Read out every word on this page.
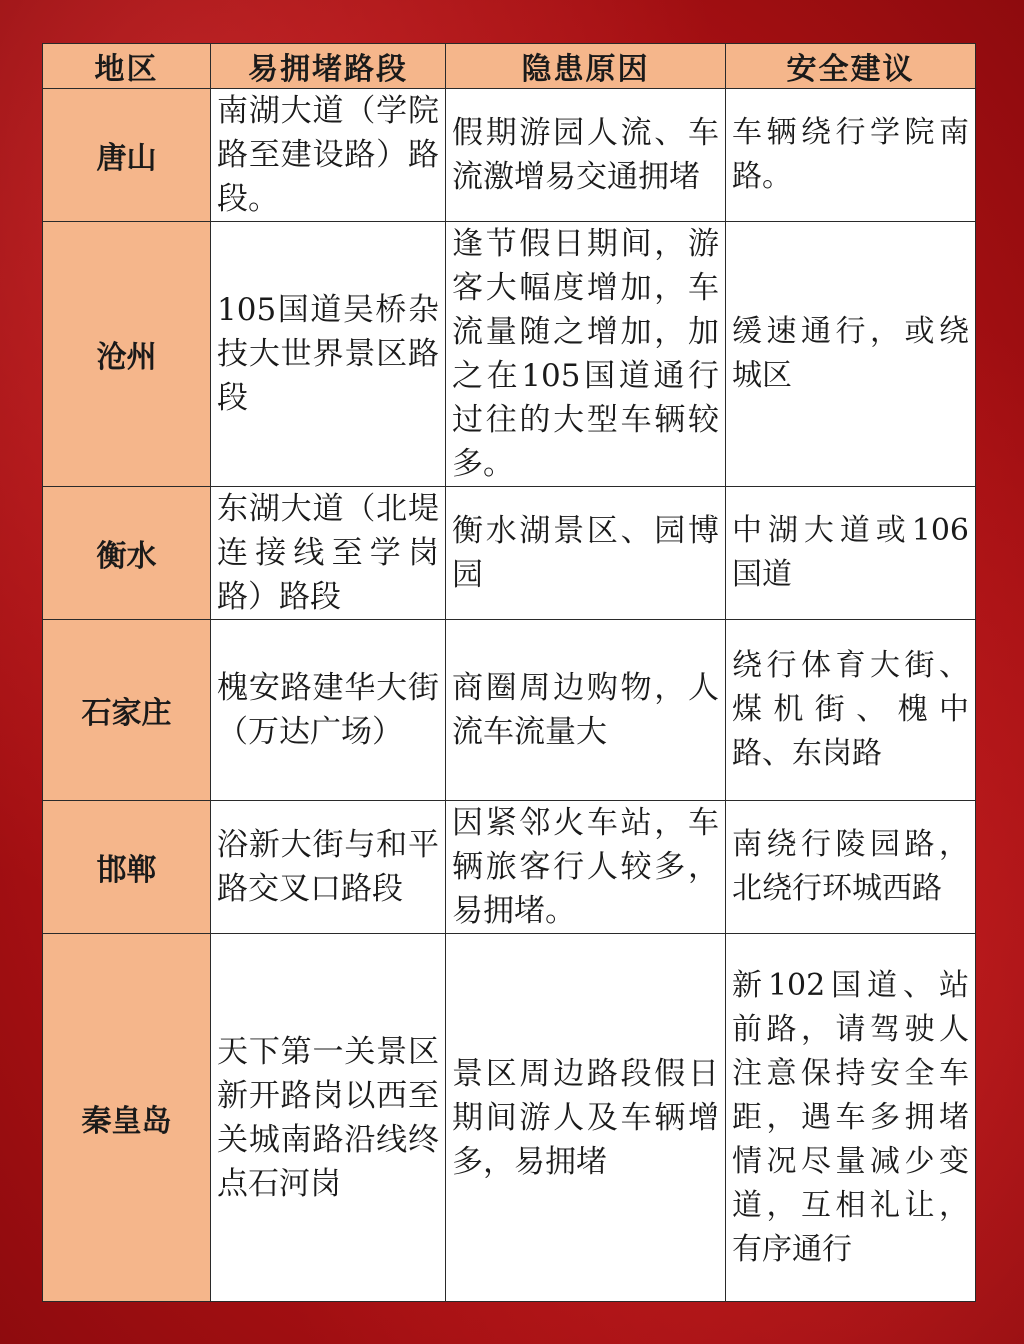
地区	易拥堵路段	隐患原因	安全建议
唐山	南湖大道（学院路至建设路）路段。	假期游园人流、车流激增易交通拥堵	车辆绕行学院南路。
沧州	105国道吴桥杂技大世界景区路段	逢节假日期间，游客大幅度增加，车流量随之增加，加之在105国道通行过往的大型车辆较多。	缓速通行，或绕城区
衡水	东湖大道（北堤连接线至学岗路）路段	衡水湖景区、园博园	中湖大道或106国道
石家庄	槐安路建华大街（万达广场）	商圈周边购物，人流车流量大	绕行体育大街、煤机街、槐中路、东岗路
邯郸	浴新大街与和平路交叉口路段	因紧邻火车站，车辆旅客行人较多，易拥堵。	南绕行陵园路，北绕行环城西路
秦皇岛	天下第一关景区新开路岗以西至关城南路沿线终点石河岗	景区周边路段假日期间游人及车辆增多，易拥堵	新102国道、站前路，请驾驶人注意保持安全车距，遇车多拥堵情况尽量减少变道，互相礼让，有序通行
